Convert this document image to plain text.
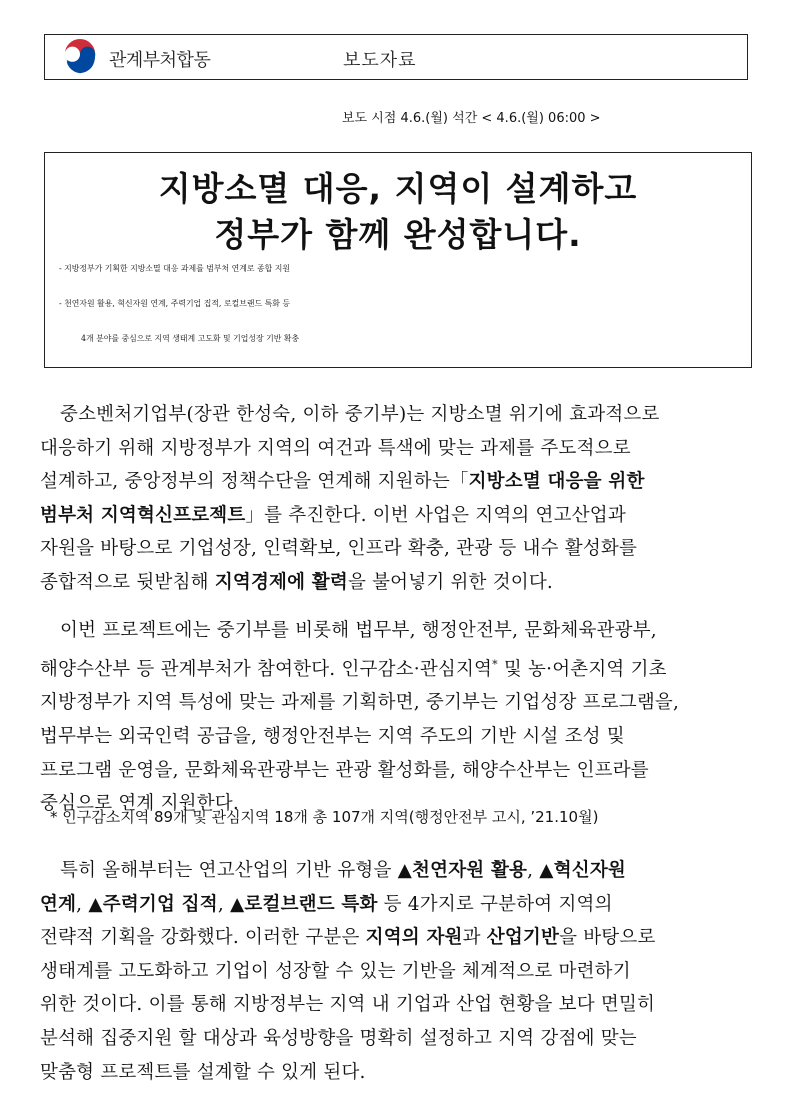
관계부처합동	보도자료
보도 시점 4.6.(월) 석간 < 4.6.(월) 06:00 >
지방소멸 대응, 지역이 설계하고
정부가 함께 완성합니다.
- 지방정부가 기획한 지방소멸 대응 과제를 범부처 연계로 종합 지원
- 천연자원 활용, 혁신자원 연계, 주력기업 집적, 로컬브랜드 특화 등
4개 분야를 중심으로 지역 생태계 고도화 및 기업성장 기반 확충
중소벤처기업부(장관 한성숙, 이하 중기부)는 지방소멸 위기에 효과적으로
대응하기 위해 지방정부가 지역의 여건과 특색에 맞는 과제를 주도적으로
설계하고, 중앙정부의 정책수단을 연계해 지원하는「지방소멸 대응을 위한
범부처 지역혁신프로젝트」를 추진한다. 이번 사업은 지역의 연고산업과
자원을 바탕으로 기업성장, 인력확보, 인프라 확충, 관광 등 내수 활성화를
종합적으로 뒷받침해 지역경제에 활력을 불어넣기 위한 것이다.
이번 프로젝트에는 중기부를 비롯해 법무부, 행정안전부, 문화체육관광부,
해양수산부 등 관계부처가 참여한다. 인구감소·관심지역* 및 농·어촌지역 기초
지방정부가 지역 특성에 맞는 과제를 기획하면, 중기부는 기업성장 프로그램을,
법무부는 외국인력 공급을, 행정안전부는 지역 주도의 기반 시설 조성 및
프로그램 운영을, 문화체육관광부는 관광 활성화를, 해양수산부는 인프라를
중심으로 연계 지원한다.
* 인구감소지역 89개 및 관심지역 18개 총 107개 지역(행정안전부 고시, ’21.10월)
특히 올해부터는 연고산업의 기반 유형을 ▲천연자원 활용, ▲혁신자원
연계, ▲주력기업 집적, ▲로컬브랜드 특화 등 4가지로 구분하여 지역의
전략적 기획을 강화했다. 이러한 구분은 지역의 자원과 산업기반을 바탕으로
생태계를 고도화하고 기업이 성장할 수 있는 기반을 체계적으로 마련하기
위한 것이다. 이를 통해 지방정부는 지역 내 기업과 산업 현황을 보다 면밀히
분석해 집중지원 할 대상과 육성방향을 명확히 설정하고 지역 강점에 맞는
맞춤형 프로젝트를 설계할 수 있게 된다.
